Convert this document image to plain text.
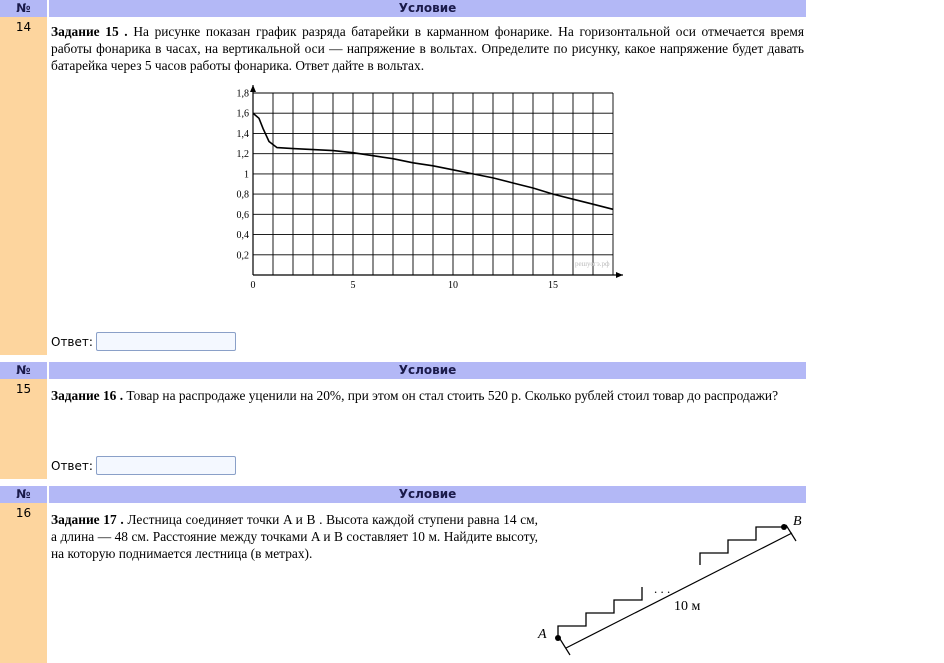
№	Условие
14	Задание 15 . На рисунке показан график разряда батарейки в карманном фонарике. На горизонтальной оси отмечается время работы фонарика в часах, на вертикальной оси — напряжение в вольтах. Определите по рисунку, какое напряжение будет давать батарейка через 5 часов работы фонарика. Ответ дайте в вольтах.
0	5	10	15
0,2
0,4
0,6
0,8
1
1,2
1,4
1,6
1,8
решуогэ.рф
Ответ:
№	Условие
15	Задание 16 . Товар на распродаже уценили на 20%, при этом он стал стоить 520 р. Сколько рублей стоил товар до распродажи?
Ответ:
№	Условие
16	Задание 17 . Лестница соединяет точки A и B . Высота каждой ступени равна 14 см, а длина — 48 см. Расстояние между точками A и B составляет 10 м. Найдите высоту, на которую поднимается лестница (в метрах).
. . .
A
B
10 м
